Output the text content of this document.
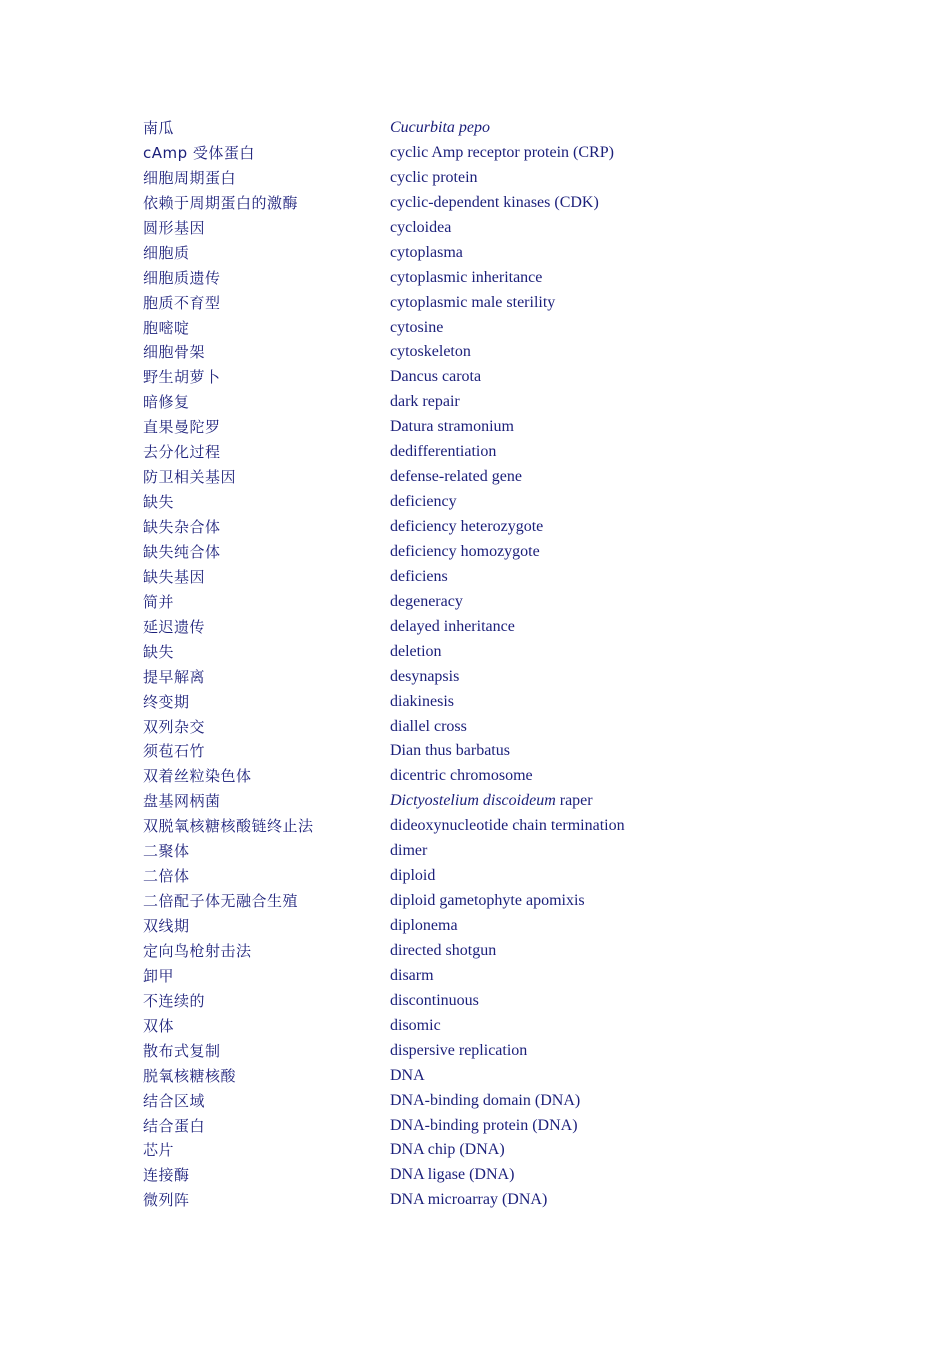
南瓜	Cucurbita pepo
cAmp 受体蛋白	cyclic Amp receptor protein (CRP)
细胞周期蛋白	cyclic protein
依赖于周期蛋白的激酶	cyclic-dependent kinases (CDK)
圆形基因	cycloidea
细胞质	cytoplasma
细胞质遗传	cytoplasmic inheritance
胞质不育型	cytoplasmic male sterility
胞嘧啶	cytosine
细胞骨架	cytoskeleton
野生胡萝卜	Dancus carota
暗修复	dark repair
直果曼陀罗	Datura stramonium
去分化过程	dedifferentiation
防卫相关基因	defense-related gene
缺失	deficiency
缺失杂合体	deficiency heterozygote
缺失纯合体	deficiency homozygote
缺失基因	deficiens
简并	degeneracy
延迟遗传	delayed inheritance
缺失	deletion
提早解离	desynapsis
终变期	diakinesis
双列杂交	diallel cross
须苞石竹	Dian thus barbatus
双着丝粒染色体	dicentric chromosome
盘基网柄菌	Dictyostelium discoideum raper
双脱氧核糖核酸链终止法	dideoxynucleotide chain termination
二聚体	dimer
二倍体	diploid
二倍配子体无融合生殖	diploid gametophyte apomixis
双线期	diplonema
定向鸟枪射击法	directed shotgun
卸甲	disarm
不连续的	discontinuous
双体	disomic
散布式复制	dispersive replication
脱氧核糖核酸	DNA
结合区域	DNA-binding domain (DNA)
结合蛋白	DNA-binding protein (DNA)
芯片	DNA chip (DNA)
连接酶	DNA ligase (DNA)
微列阵	DNA microarray (DNA)
